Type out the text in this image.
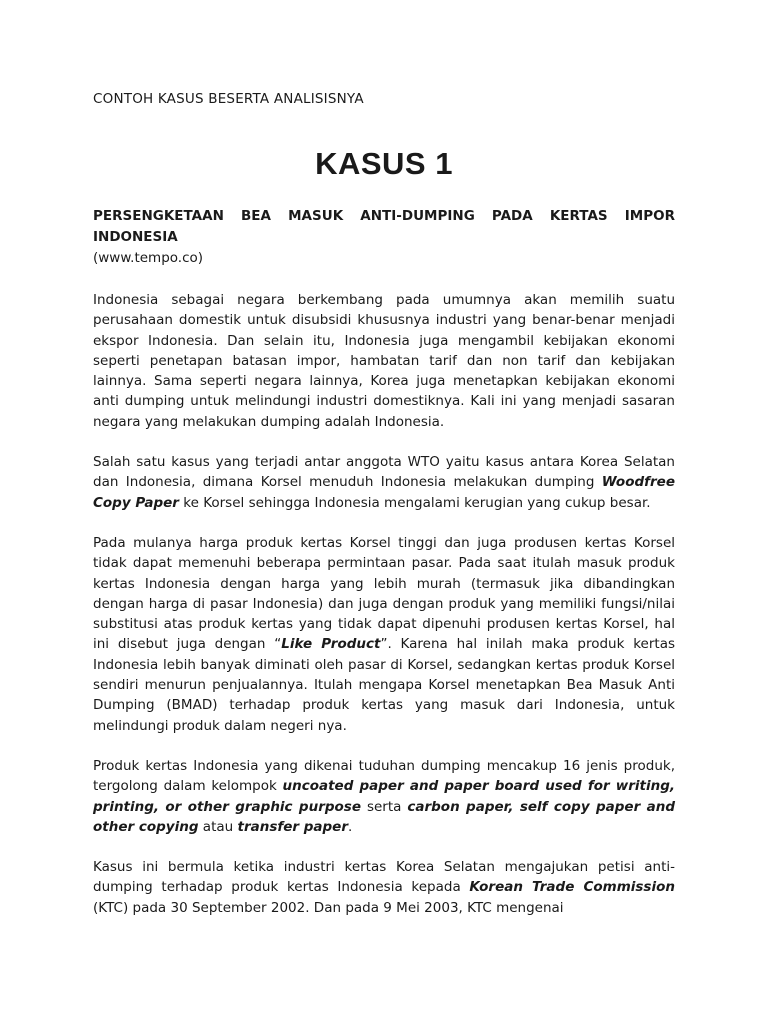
CONTOH KASUS BESERTA ANALISISNYA
KASUS 1
PERSENGKETAAN BEA MASUK ANTI-DUMPING PADA KERTAS IMPOR INDONESIA
(www.tempo.co)

Indonesia sebagai negara berkembang pada umumnya akan memilih suatu perusahaan domestik untuk disubsidi khususnya industri yang benar-benar menjadi ekspor Indonesia. Dan selain itu, Indonesia juga mengambil kebijakan ekonomi seperti penetapan batasan impor, hambatan tarif dan non tarif dan kebijakan lainnya. Sama seperti negara lainnya, Korea juga menetapkan kebijakan ekonomi anti dumping untuk melindungi industri domestiknya. Kali ini yang menjadi sasaran negara yang melakukan dumping adalah Indonesia.

Salah satu kasus yang terjadi antar anggota WTO yaitu kasus antara Korea Selatan dan Indonesia, dimana Korsel menuduh Indonesia melakukan dumping Woodfree Copy Paper ke Korsel sehingga Indonesia mengalami kerugian yang cukup besar.

Pada mulanya harga produk kertas Korsel tinggi dan juga produsen kertas Korsel tidak dapat memenuhi beberapa permintaan pasar. Pada saat itulah masuk produk kertas Indonesia dengan harga yang lebih murah (termasuk jika dibandingkan dengan harga di pasar Indonesia) dan juga dengan produk yang memiliki fungsi/nilai substitusi atas produk kertas yang tidak dapat dipenuhi produsen kertas Korsel, hal ini disebut juga dengan “Like Product”. Karena hal inilah maka produk kertas Indonesia lebih banyak diminati oleh pasar di Korsel, sedangkan kertas produk Korsel sendiri menurun penjualannya. Itulah mengapa Korsel menetapkan Bea Masuk Anti Dumping (BMAD) terhadap produk kertas yang masuk dari Indonesia, untuk melindungi produk dalam negeri nya.

Produk kertas Indonesia yang dikenai tuduhan dumping mencakup 16 jenis produk, tergolong dalam kelompok uncoated paper and paper board used for writing, printing, or other graphic purpose serta carbon paper, self copy paper and other copying atau transfer paper.

Kasus ini bermula ketika industri kertas Korea Selatan mengajukan petisi anti-dumping terhadap produk kertas Indonesia kepada Korean Trade Commission (KTC) pada 30 September 2002. Dan pada 9 Mei 2003, KTC mengenai
